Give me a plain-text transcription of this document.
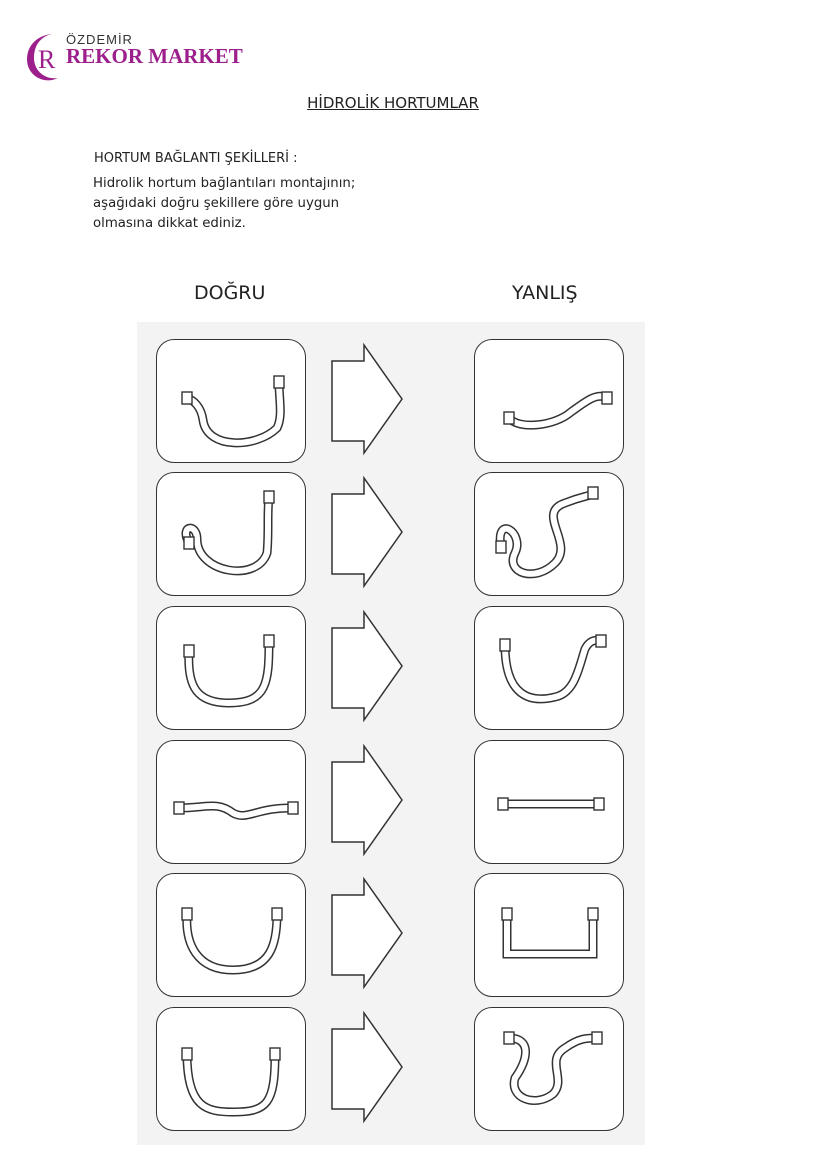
R
ÖZDEMİR
REKOR MARKET
HİDROLİK HORTUMLAR
HORTUM BAĞLANTI ŞEKİLLERİ :
Hidrolik hortum bağlantıları montajının;
aşağıdaki doğru şekillere göre uygun
olmasına dikkat ediniz.
DOĞRU	YANLIŞ
